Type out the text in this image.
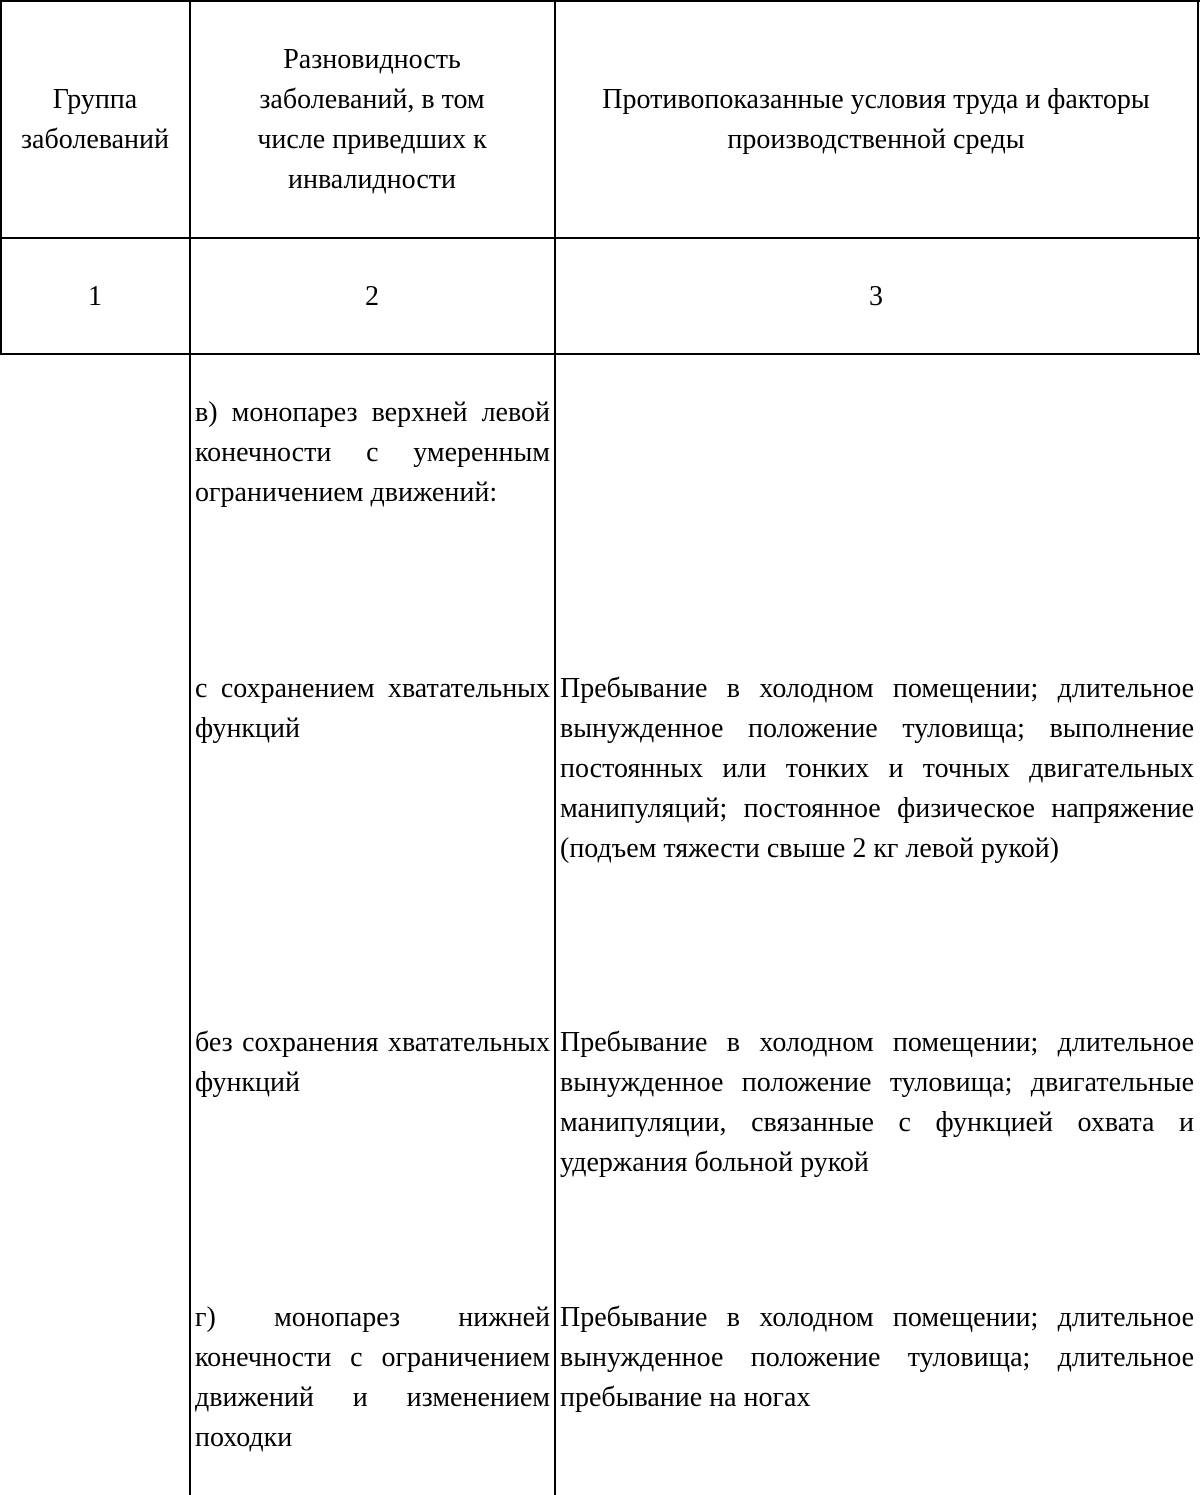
Группа заболеваний
Разновидность заболеваний, в том числе приведших к инвалидности
Противопоказанные условия труда и факторы производственной среды
1	2	3
в) монопарез верхней левой конечности с умеренным ограничением движений:
с сохранением хватательных функций
Пребывание в холодном помещении; длительное вынужденное положение туловища; выполнение постоянных или тонких и точных двигательных манипуляций; постоянное физическое напряжение (подъем тяжести свыше 2 кг левой рукой)
без сохранения хватательных функций
Пребывание в холодном помещении; длительное вынужденное положение туловища; двигательные манипуляции, связанные с функцией охвата и удержания больной рукой
г) монопарез нижней конечности с ограничением движений и изменением походки
Пребывание в холодном помещении; длительное вынужденное положение туловища; длительное пребывание на ногах
